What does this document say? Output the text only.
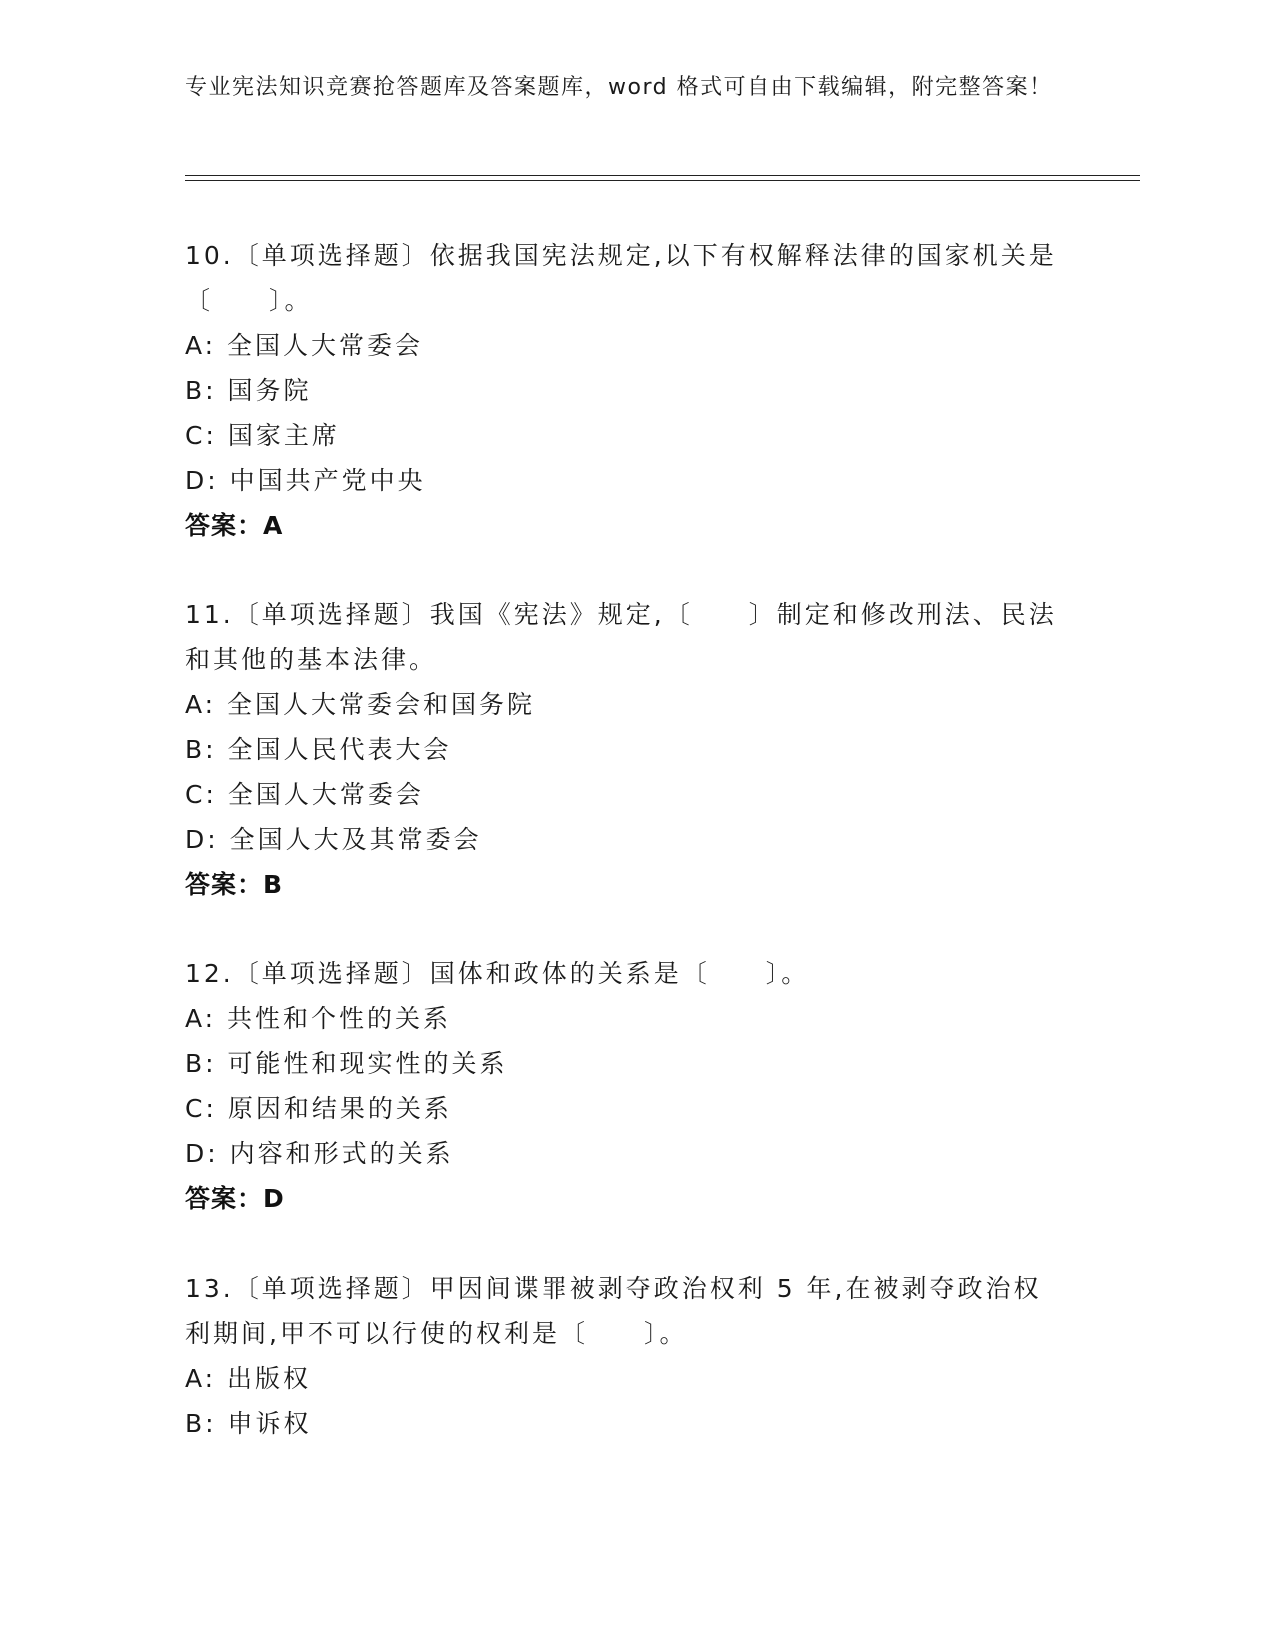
专业宪法知识竞赛抢答题库及答案题库，word 格式可自由下载编辑，附完整答案！
10.〔单项选择题〕依据我国宪法规定,以下有权解释法律的国家机关是〔　　〕。
A: 全国人大常委会
B: 国务院
C: 国家主席
D: 中国共产党中央
答案：A
11.〔单项选择题〕我国《宪法》规定,〔　　〕制定和修改刑法、民法和其他的基本法律。
A: 全国人大常委会和国务院
B: 全国人民代表大会
C: 全国人大常委会
D: 全国人大及其常委会
答案：B
12.〔单项选择题〕国体和政体的关系是〔　　〕。
A: 共性和个性的关系
B: 可能性和现实性的关系
C: 原因和结果的关系
D: 内容和形式的关系
答案：D
13.〔单项选择题〕甲因间谍罪被剥夺政治权利 5 年,在被剥夺政治权利期间,甲不可以行使的权利是〔　　〕。
A: 出版权
B: 申诉权
